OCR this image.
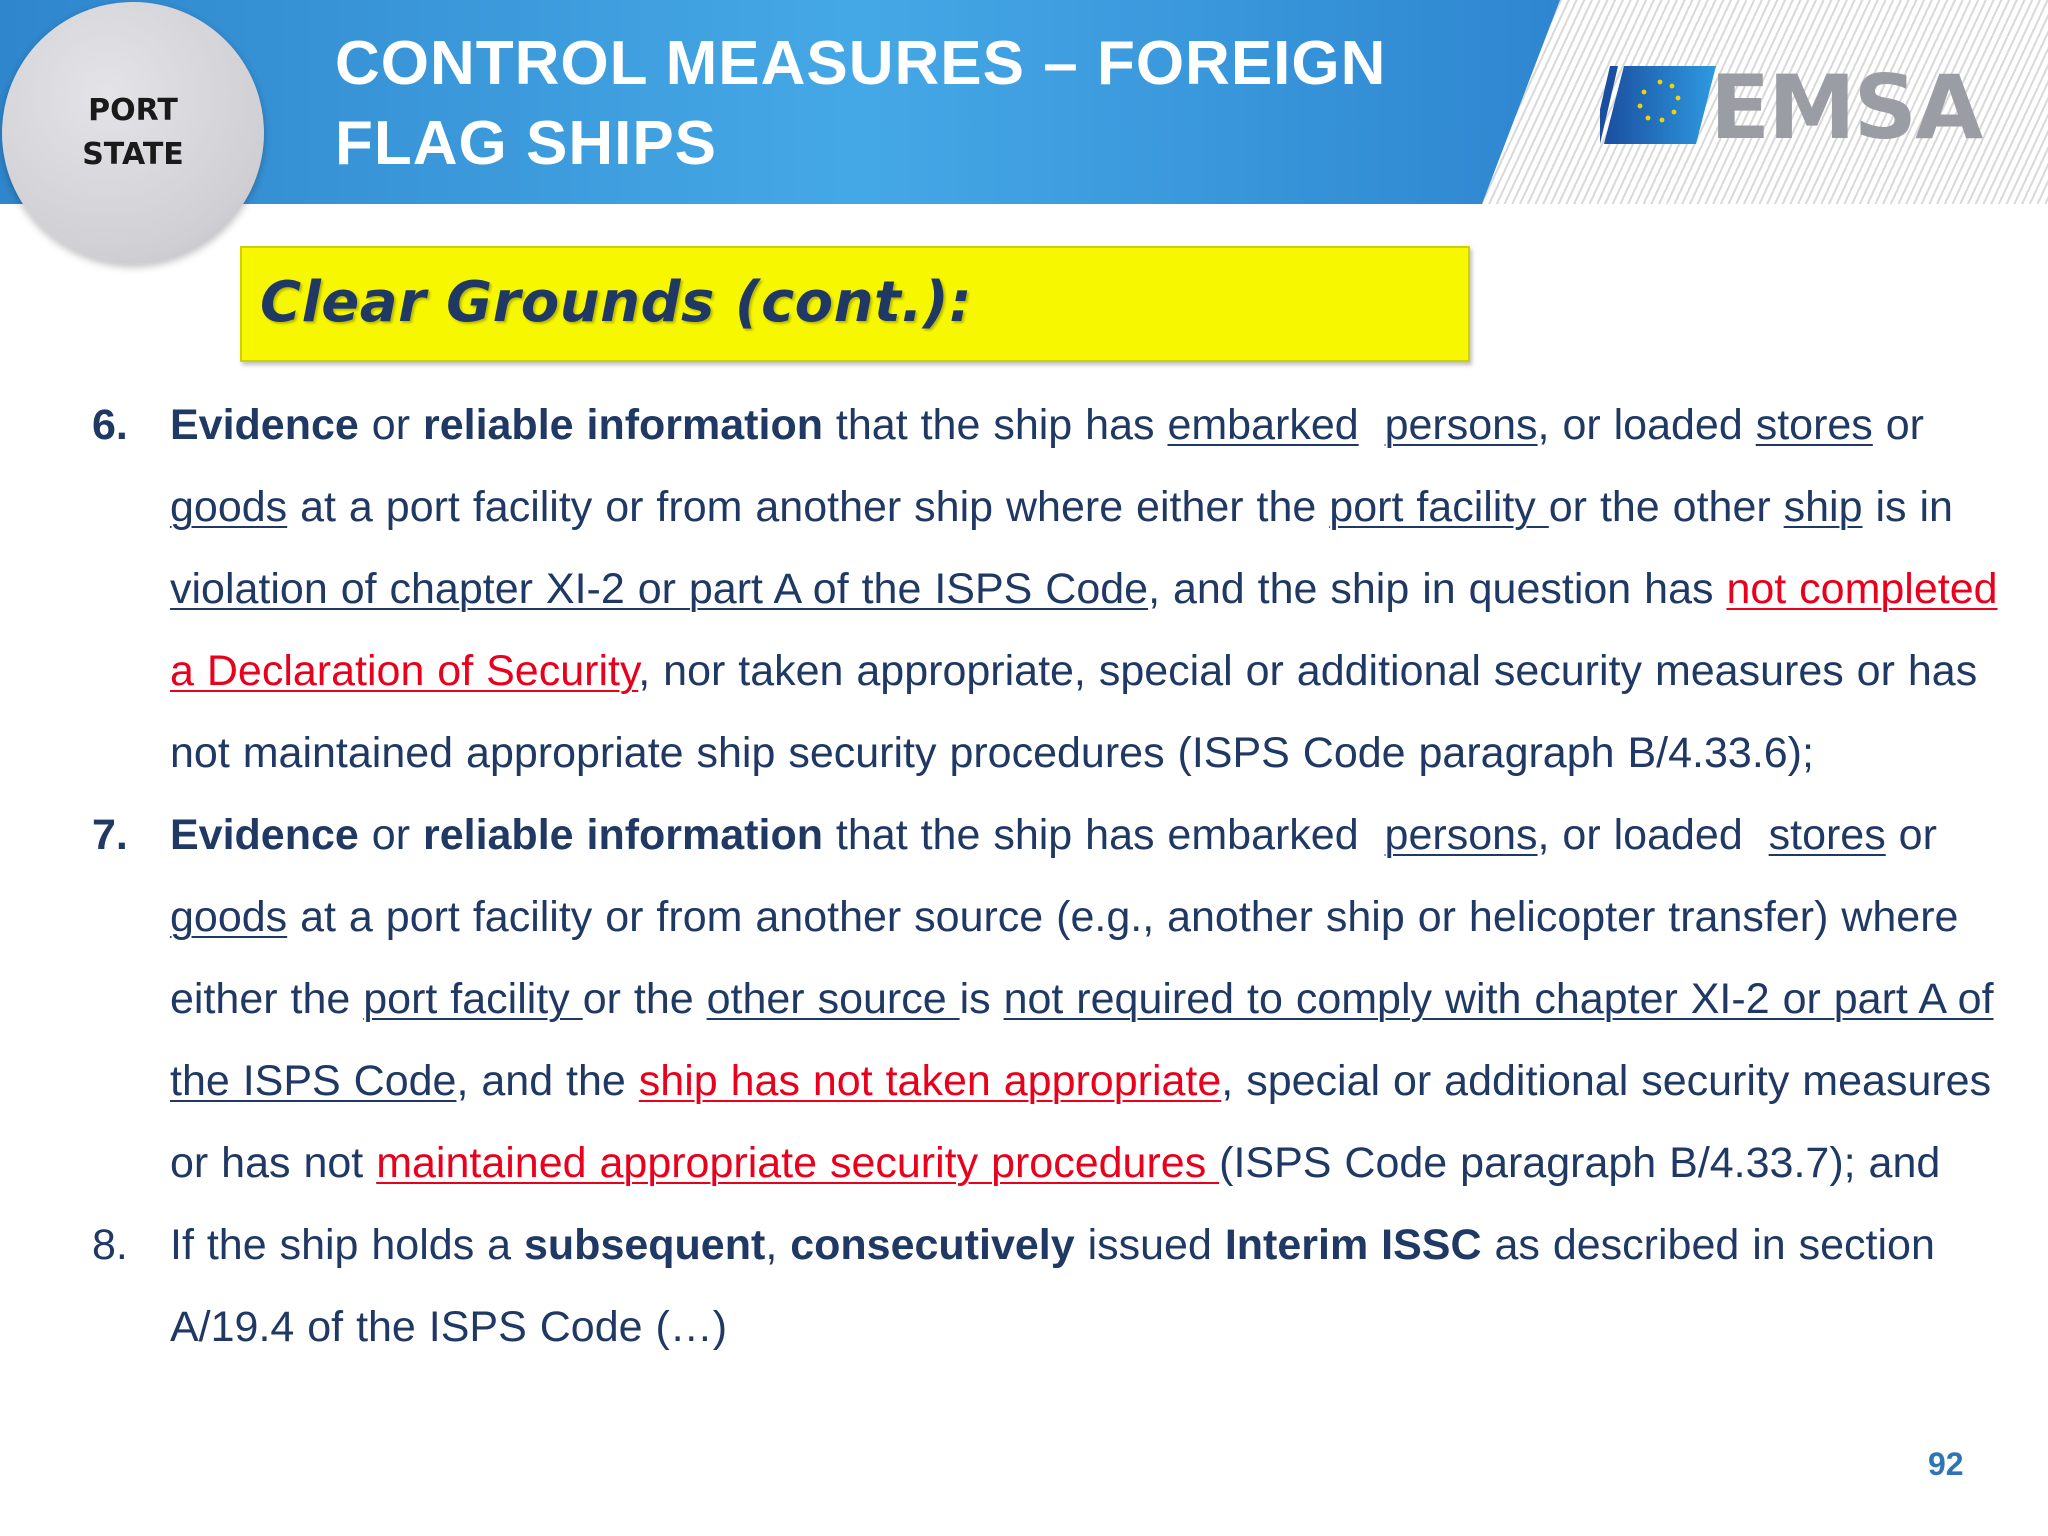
CONTROL MEASURES – FOREIGN FLAG SHIPS
PORT
STATE	EMSA
Clear Grounds (cont.):
6. Evidence or reliable information that the ship has embarked persons, or loaded stores or goods at a port facility or from another ship where either the port facility or the other ship is in violation of chapter XI-2 or part A of the ISPS Code, and the ship in question has not completed a Declaration of Security, nor taken appropriate, special or additional security measures or has not maintained appropriate ship security procedures (ISPS Code paragraph B/4.33.6);

7. Evidence or reliable information that the ship has embarked  persons, or loaded  stores or goods at a port facility or from another source (e.g., another ship or helicopter transfer) where either the port facility or the other source is not required to comply with chapter XI-2 or part A of the ISPS Code, and the ship has not taken appropriate, special or additional security measures or has not maintained appropriate security procedures (ISPS Code paragraph B/4.33.7); and

8. If the ship holds a subsequent, consecutively issued Interim ISSC as described in section A/19.4 of the ISPS Code (…)

92
